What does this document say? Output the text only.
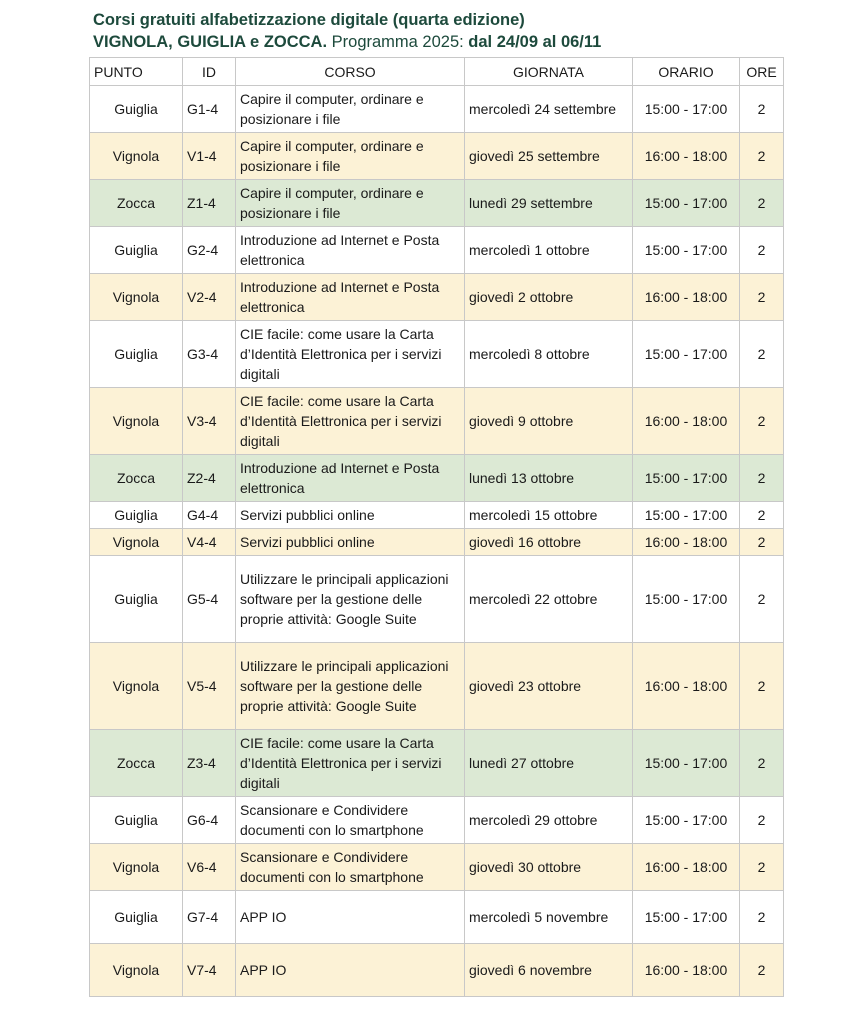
Corsi gratuiti alfabetizzazione digitale (quarta edizione)
VIGNOLA, GUIGLIA e ZOCCA. Programma 2025: dal 24/09 al 06/11
PUNTO	ID	CORSO	GIORNATA	ORARIO	ORE
Guiglia	G1-4	Capire il computer, ordinare e posizionare i file	mercoledì 24 settembre	15:00 - 17:00	2
Vignola	V1-4	Capire il computer, ordinare e posizionare i file	giovedì 25 settembre	16:00 - 18:00	2
Zocca	Z1-4	Capire il computer, ordinare e posizionare i file	lunedì 29 settembre	15:00 - 17:00	2
Guiglia	G2-4	Introduzione ad Internet e Posta elettronica	mercoledì 1 ottobre	15:00 - 17:00	2
Vignola	V2-4	Introduzione ad Internet e Posta elettronica	giovedì 2 ottobre	16:00 - 18:00	2
Guiglia	G3-4	CIE facile: come usare la Carta d’Identità Elettronica per i servizi digitali	mercoledì 8 ottobre	15:00 - 17:00	2
Vignola	V3-4	CIE facile: come usare la Carta d’Identità Elettronica per i servizi digitali	giovedì 9 ottobre	16:00 - 18:00	2
Zocca	Z2-4	Introduzione ad Internet e Posta elettronica	lunedì 13 ottobre	15:00 - 17:00	2
Guiglia	G4-4	Servizi pubblici online	mercoledì 15 ottobre	15:00 - 17:00	2
Vignola	V4-4	Servizi pubblici online	giovedì 16 ottobre	16:00 - 18:00	2
Guiglia	G5-4	Utilizzare le principali applicazioni software per la gestione delle proprie attività: Google Suite	mercoledì 22 ottobre	15:00 - 17:00	2
Vignola	V5-4	Utilizzare le principali applicazioni software per la gestione delle proprie attività: Google Suite	giovedì 23 ottobre	16:00 - 18:00	2
Zocca	Z3-4	CIE facile: come usare la Carta d’Identità Elettronica per i servizi digitali	lunedì 27 ottobre	15:00 - 17:00	2
Guiglia	G6-4	Scansionare e Condividere documenti con lo smartphone	mercoledì 29 ottobre	15:00 - 17:00	2
Vignola	V6-4	Scansionare e Condividere documenti con lo smartphone	giovedì 30 ottobre	16:00 - 18:00	2
Guiglia	G7-4	APP IO	mercoledì 5 novembre	15:00 - 17:00	2
Vignola	V7-4	APP IO	giovedì 6 novembre	16:00 - 18:00	2
